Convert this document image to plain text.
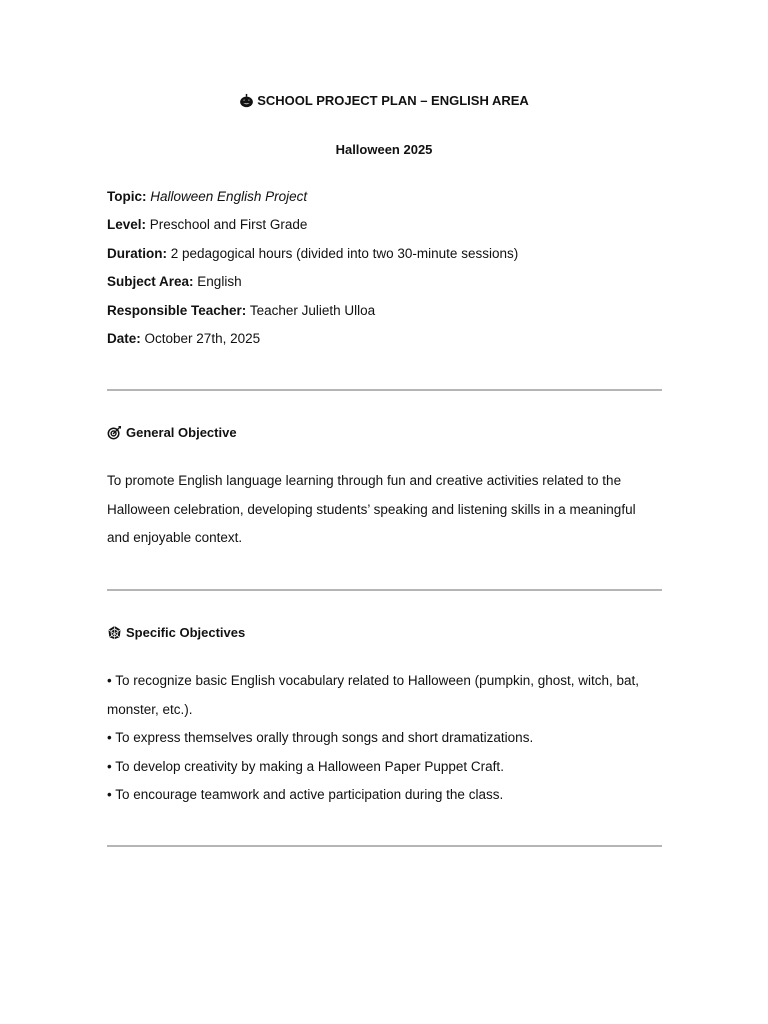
SCHOOL PROJECT PLAN – ENGLISH AREA
Halloween 2025
Topic: Halloween English Project
Level: Preschool and First Grade
Duration: 2 pedagogical hours (divided into two 30-minute sessions)
Subject Area: English
Responsible Teacher: Teacher Julieth Ulloa
Date: October 27th, 2025
General Objective
To promote English language learning through fun and creative activities related to the
Halloween celebration, developing students’ speaking and listening skills in a meaningful
and enjoyable context.
Specific Objectives
• To recognize basic English vocabulary related to Halloween (pumpkin, ghost, witch, bat,
monster, etc.).
• To express themselves orally through songs and short dramatizations.
• To develop creativity by making a Halloween Paper Puppet Craft.
• To encourage teamwork and active participation during the class.
